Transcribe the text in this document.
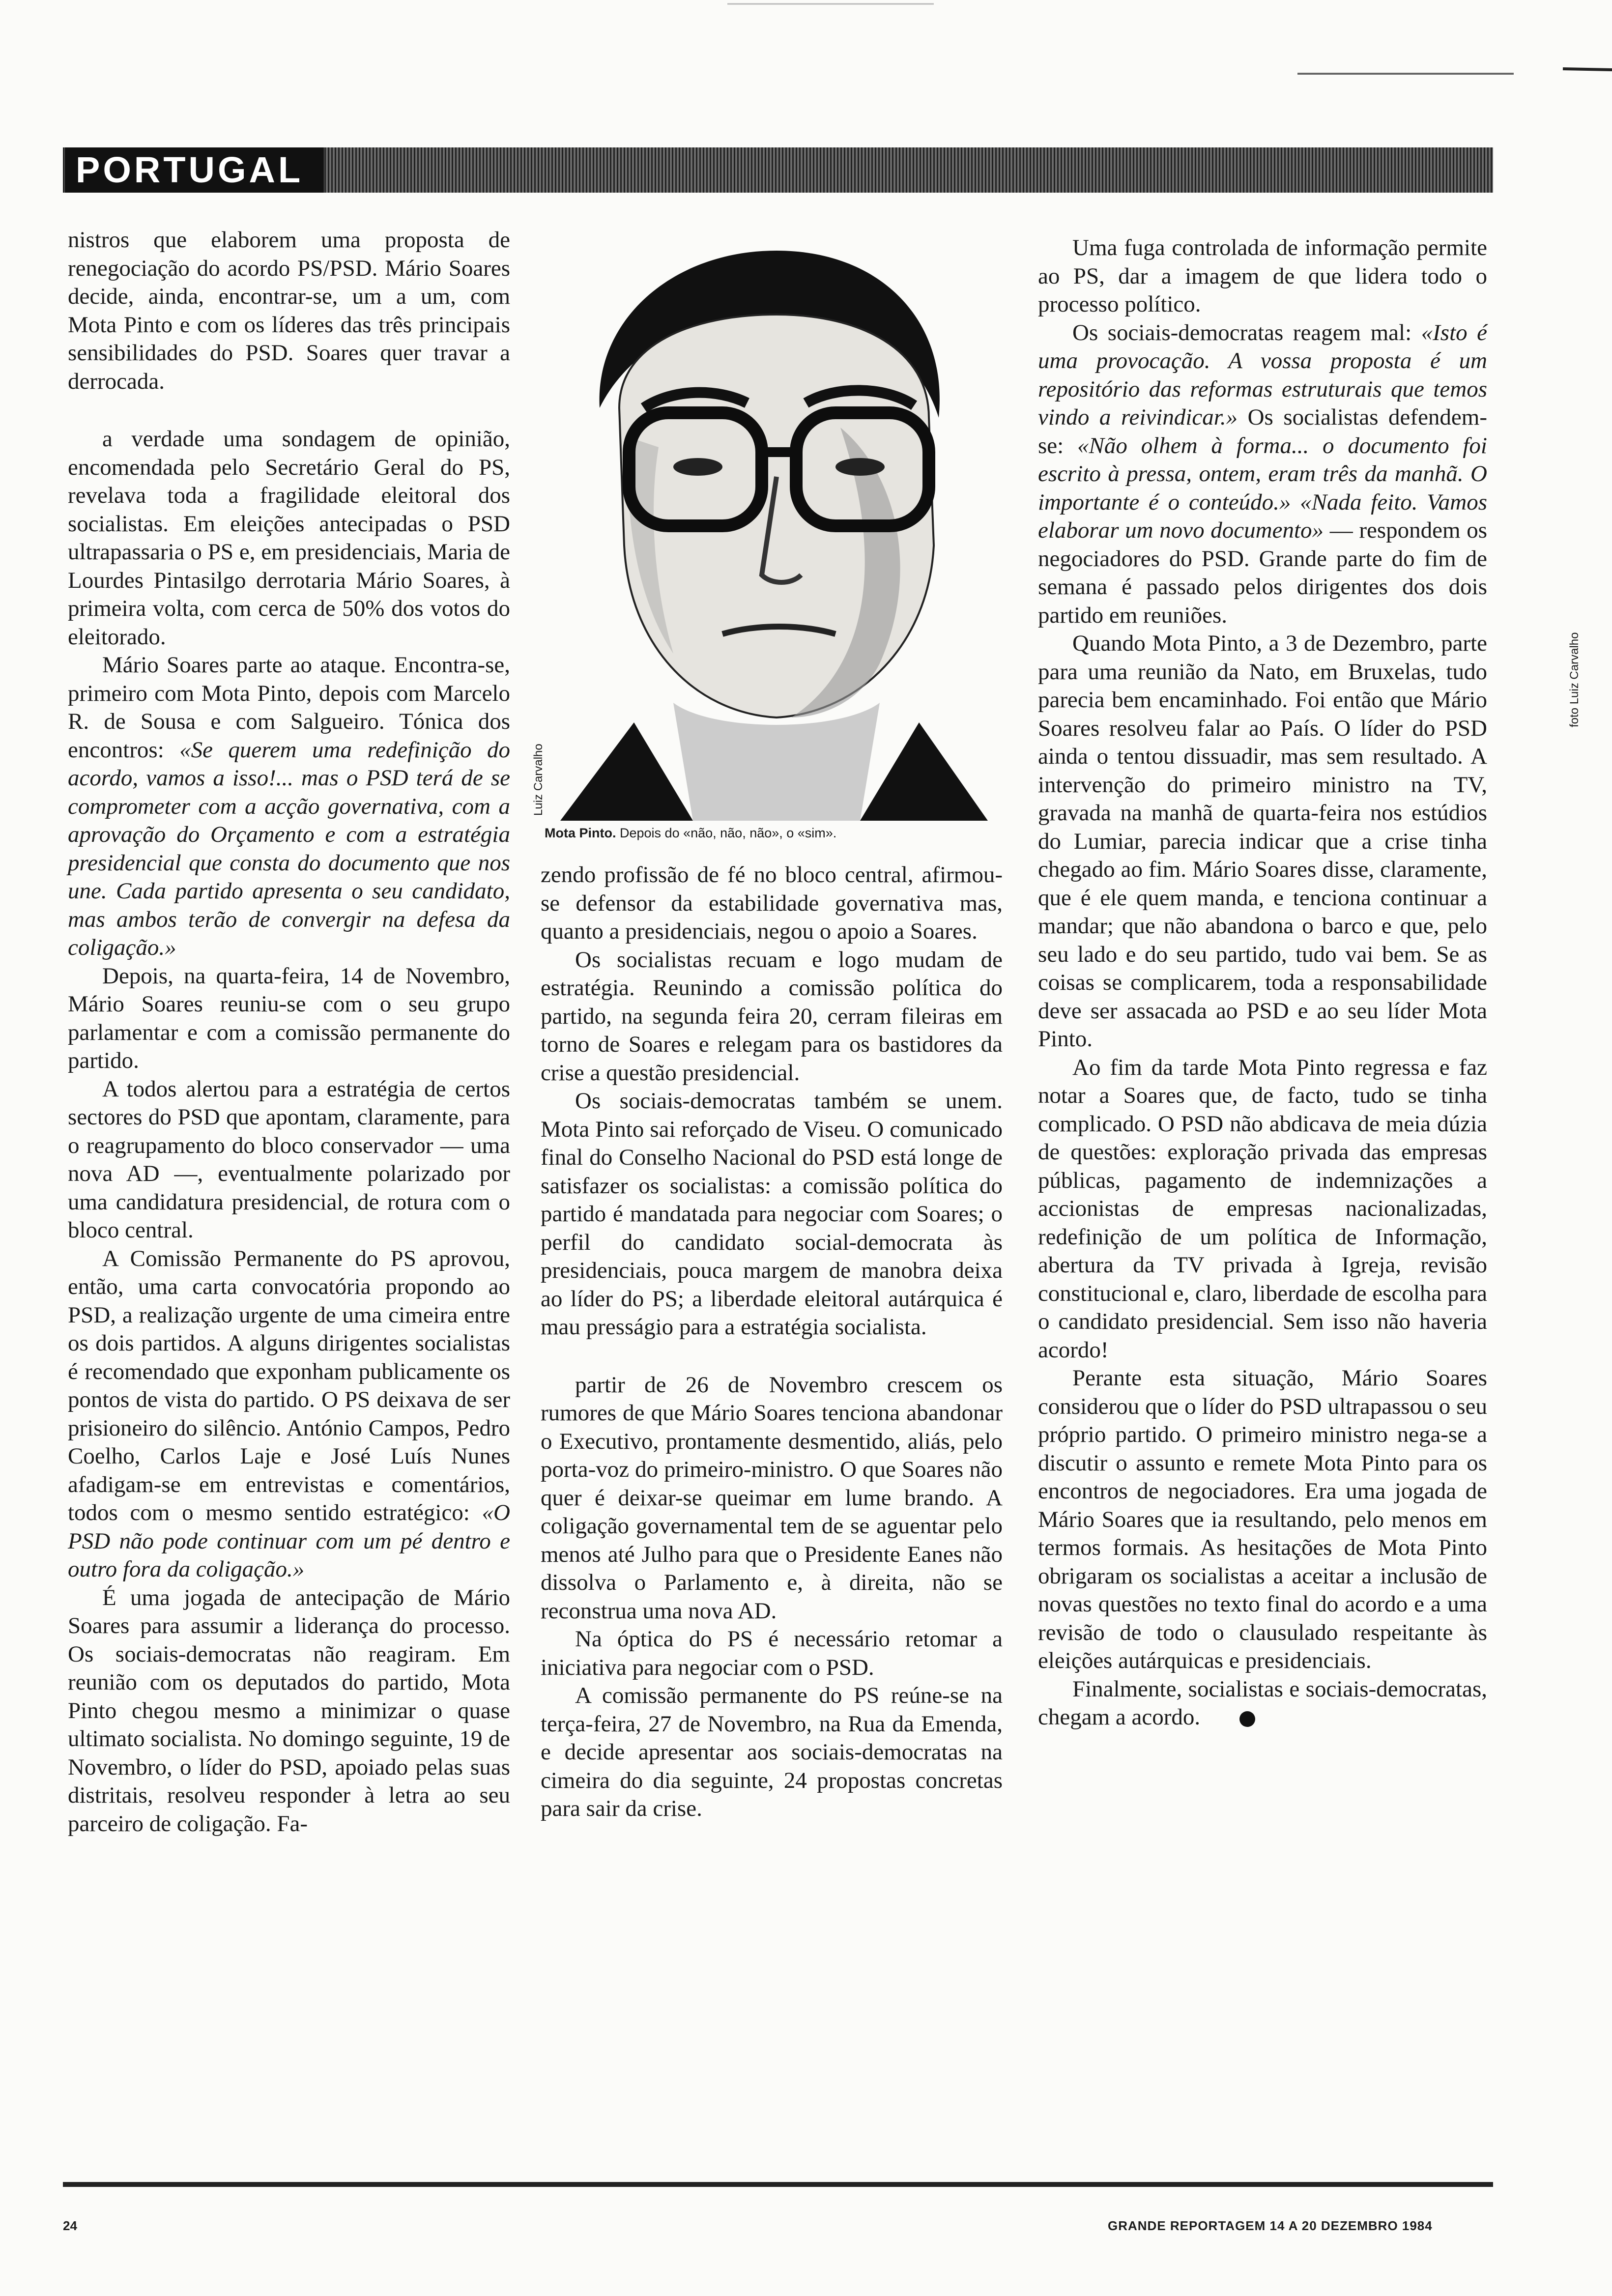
PORTUGAL

nistros que elaborem uma proposta de renegociação do acordo PS/PSD. Mário Soares decide, ainda, encontrar-se, um a um, com Mota Pinto e com os líderes das três principais sensibilidades do PSD. Soares quer travar a derrocada.

a verdade uma sondagem de opinião, encomendada pelo Secretário Geral do PS, revelava toda a fragilidade eleitoral dos socialistas. Em eleições antecipadas o PSD ultrapassaria o PS e, em presidenciais, Maria de Lourdes Pintasilgo derrotaria Mário Soares, à primeira volta, com cerca de 50% dos votos do eleitorado.

Mário Soares parte ao ataque. Encontra-se, primeiro com Mota Pinto, depois com Marcelo R. de Sousa e com Salgueiro. Tónica dos encontros: «Se querem uma redefinição do acordo, vamos a isso!... mas o PSD terá de se comprometer com a acção governativa, com a aprovação do Orçamento e com a estratégia presidencial que consta do documento que nos une. Cada partido apresenta o seu candidato, mas ambos terão de convergir na defesa da coligação.»

Depois, na quarta-feira, 14 de Novembro, Mário Soares reuniu-se com o seu grupo parlamentar e com a comissão permanente do partido.

A todos alertou para a estratégia de certos sectores do PSD que apontam, claramente, para o reagrupamento do bloco conservador — uma nova AD —, eventualmente polarizado por uma candidatura presidencial, de rotura com o bloco central.

A Comissão Permanente do PS aprovou, então, uma carta convocatória propondo ao PSD, a realização urgente de uma cimeira entre os dois partidos. A alguns dirigentes socialistas é recomendado que exponham publicamente os pontos de vista do partido. O PS deixava de ser prisioneiro do silêncio. António Campos, Pedro Coelho, Carlos Laje e José Luís Nunes afadigam-se em entrevistas e comentários, todos com o mesmo sentido estratégico: «O PSD não pode continuar com um pé dentro e outro fora da coligação.»

É uma jogada de antecipação de Mário Soares para assumir a liderança do processo. Os sociais-democratas não reagiram. Em reunião com os deputados do partido, Mota Pinto chegou mesmo a minimizar o quase ultimato socialista. No domingo seguinte, 19 de Novembro, o líder do PSD, apoiado pelas suas distritais, resolveu responder à letra ao seu parceiro de coligação. Fa-

Luiz Carvalho
Mota Pinto. Depois do «não, não, não», o «sim».

zendo profissão de fé no bloco central, afirmou-se defensor da estabilidade governativa mas, quanto a presidenciais, negou o apoio a Soares.

Os socialistas recuam e logo mudam de estratégia. Reunindo a comissão política do partido, na segunda feira 20, cerram fileiras em torno de Soares e relegam para os bastidores da crise a questão presidencial.

Os sociais-democratas também se unem. Mota Pinto sai reforçado de Viseu. O comunicado final do Conselho Nacional do PSD está longe de satisfazer os socialistas: a comissão política do partido é mandatada para negociar com Soares; o perfil do candidato social-democrata às presidenciais, pouca margem de manobra deixa ao líder do PS; a liberdade eleitoral autárquica é mau presságio para a estratégia socialista.

partir de 26 de Novembro crescem os rumores de que Mário Soares tenciona abandonar o Executivo, prontamente desmentido, aliás, pelo porta-voz do primeiro-ministro. O que Soares não quer é deixar-se queimar em lume brando. A coligação governamental tem de se aguentar pelo menos até Julho para que o Presidente Eanes não dissolva o Parlamento e, à direita, não se reconstrua uma nova AD.

Na óptica do PS é necessário retomar a iniciativa para negociar com o PSD.

A comissão permanente do PS reúne-se na terça-feira, 27 de Novembro, na Rua da Emenda, e decide apresentar aos sociais-democratas na cimeira do dia seguinte, 24 propostas concretas para sair da crise.

Uma fuga controlada de informação permite ao PS, dar a imagem de que lidera todo o processo político.

Os sociais-democratas reagem mal: «Isto é uma provocação. A vossa proposta é um repositório das reformas estruturais que temos vindo a reivindicar.» Os socialistas defendem-se: «Não olhem à forma... o documento foi escrito à pressa, ontem, eram três da manhã. O importante é o conteúdo.» «Nada feito. Vamos elaborar um novo documento» — respondem os negociadores do PSD. Grande parte do fim de semana é passado pelos dirigentes dos dois partido em reuniões.

Quando Mota Pinto, a 3 de Dezembro, parte para uma reunião da Nato, em Bruxelas, tudo parecia bem encaminhado. Foi então que Mário Soares resolveu falar ao País. O líder do PSD ainda o tentou dissuadir, mas sem resultado. A intervenção do primeiro ministro na TV, gravada na manhã de quarta-feira nos estúdios do Lumiar, parecia indicar que a crise tinha chegado ao fim. Mário Soares disse, claramente, que é ele quem manda, e tenciona continuar a mandar; que não abandona o barco e que, pelo seu lado e do seu partido, tudo vai bem. Se as coisas se complicarem, toda a responsabilidade deve ser assacada ao PSD e ao seu líder Mota Pinto.

Ao fim da tarde Mota Pinto regressa e faz notar a Soares que, de facto, tudo se tinha complicado. O PSD não abdicava de meia dúzia de questões: exploração privada das empresas públicas, pagamento de indemnizações a accionistas de empresas nacionalizadas, redefinição de um política de Informação, abertura da TV privada à Igreja, revisão constitucional e, claro, liberdade de escolha para o candidato presidencial. Sem isso não haveria acordo!

Perante esta situação, Mário Soares considerou que o líder do PSD ultrapassou o seu próprio partido. O primeiro ministro nega-se a discutir o assunto e remete Mota Pinto para os encontros de negociadores. Era uma jogada de Mário Soares que ia resultando, pelo menos em termos formais. As hesitações de Mota Pinto obrigaram os socialistas a aceitar a inclusão de novas questões no texto final do acordo e a uma revisão de todo o clausulado respeitante às eleições autárquicas e presidenciais.

Finalmente, socialistas e sociais-democratas, chegam a acordo.

foto Luiz Carvalho
24	GRANDE REPORTAGEM 14 A 20 DEZEMBRO 1984
